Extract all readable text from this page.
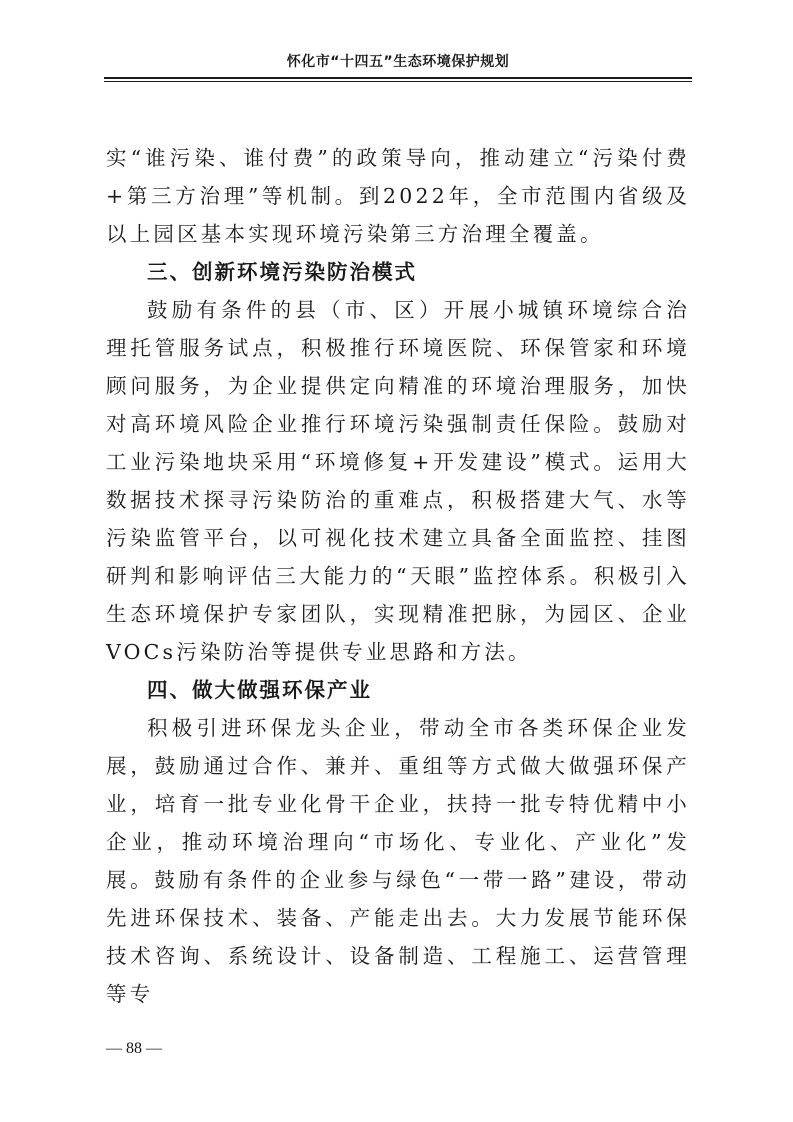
怀化市“十四五”生态环境保护规划

实“谁污染、谁付费”的政策导向，推动建立“污染付费+第三方治理”等机制。到2022年，全市范围内省级及以上园区基本实现环境污染第三方治理全覆盖。

三、创新环境污染防治模式

鼓励有条件的县（市、区）开展小城镇环境综合治理托管服务试点，积极推行环境医院、环保管家和环境顾问服务，为企业提供定向精准的环境治理服务，加快对高环境风险企业推行环境污染强制责任保险。鼓励对工业污染地块采用“环境修复+开发建设”模式。运用大数据技术探寻污染防治的重难点，积极搭建大气、水等污染监管平台，以可视化技术建立具备全面监控、挂图研判和影响评估三大能力的“天眼”监控体系。积极引入生态环境保护专家团队，实现精准把脉，为园区、企业VOCs污染防治等提供专业思路和方法。

四、做大做强环保产业

积极引进环保龙头企业，带动全市各类环保企业发展，鼓励通过合作、兼并、重组等方式做大做强环保产业，培育一批专业化骨干企业，扶持一批专特优精中小企业，推动环境治理向“市场化、专业化、产业化”发展。鼓励有条件的企业参与绿色“一带一路”建设，带动先进环保技术、装备、产能走出去。大力发展节能环保技术咨询、系统设计、设备制造、工程施工、运营管理等专

— 88 —
